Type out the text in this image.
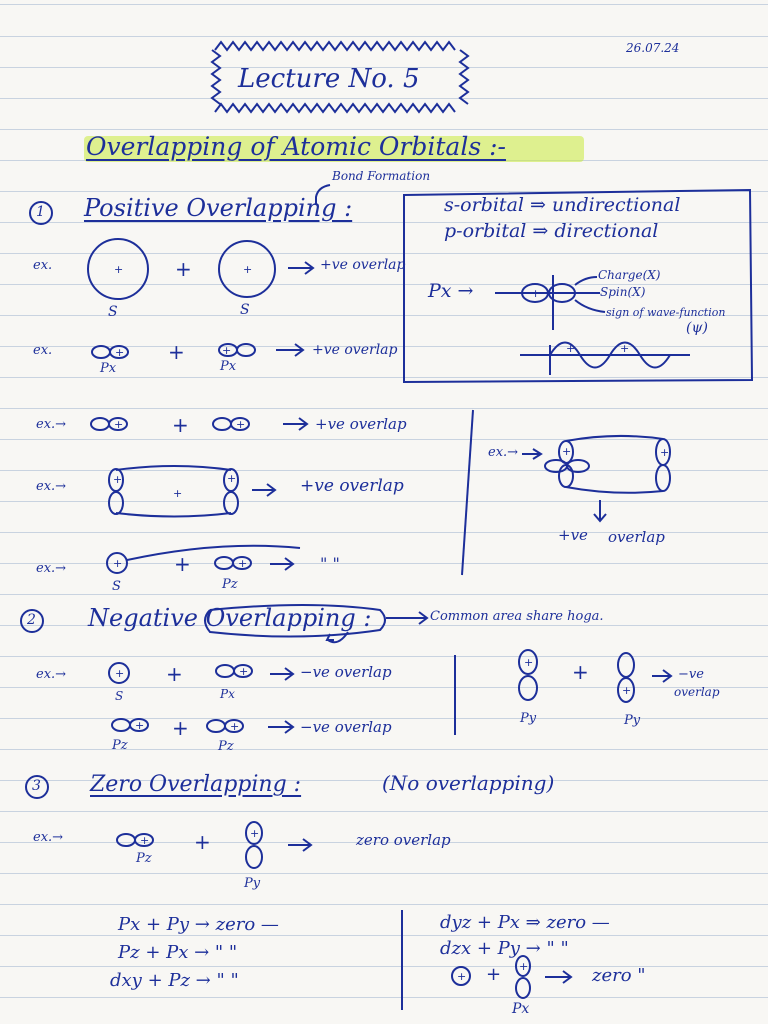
+	+
+	+
+	+
+	+
+	+
+	+
+
+
+	+
+
+
+
+
+
+
+
+
+
+
26.07.24
Lecture No. 5
Overlapping of Atomic Orbitals :-
Bond Formation
1 Positive Overlapping :	s-orbital ⇒ undirectional
p-orbital ⇒ directional
Px →
Charge(X)
Spin(X)
sign of wave-function
(ψ)
ex.	+	+ve overlap
S	S
ex.	+	+ve overlap
Px	Px
ex.→	+	+ve overlap
ex.→	+ve overlap
ex.→
+ve overlap
ex.→	+	" "
S	Pz
2 Negative Overlapping :	Common area share hoga.
ex.→	+	−ve overlap
S	Px
+	−ve
overlap
Py	Py
+	−ve overlap
Pz	Pz
3 Zero Overlapping :	(No overlapping)
ex.→	+	zero overlap
Pz
Py
Px + Py → zero —
Pz + Px → " "
dxy + Pz → " "
dyz + Px ⇒ zero —
dzx + Py → " "
+	zero "
Px
